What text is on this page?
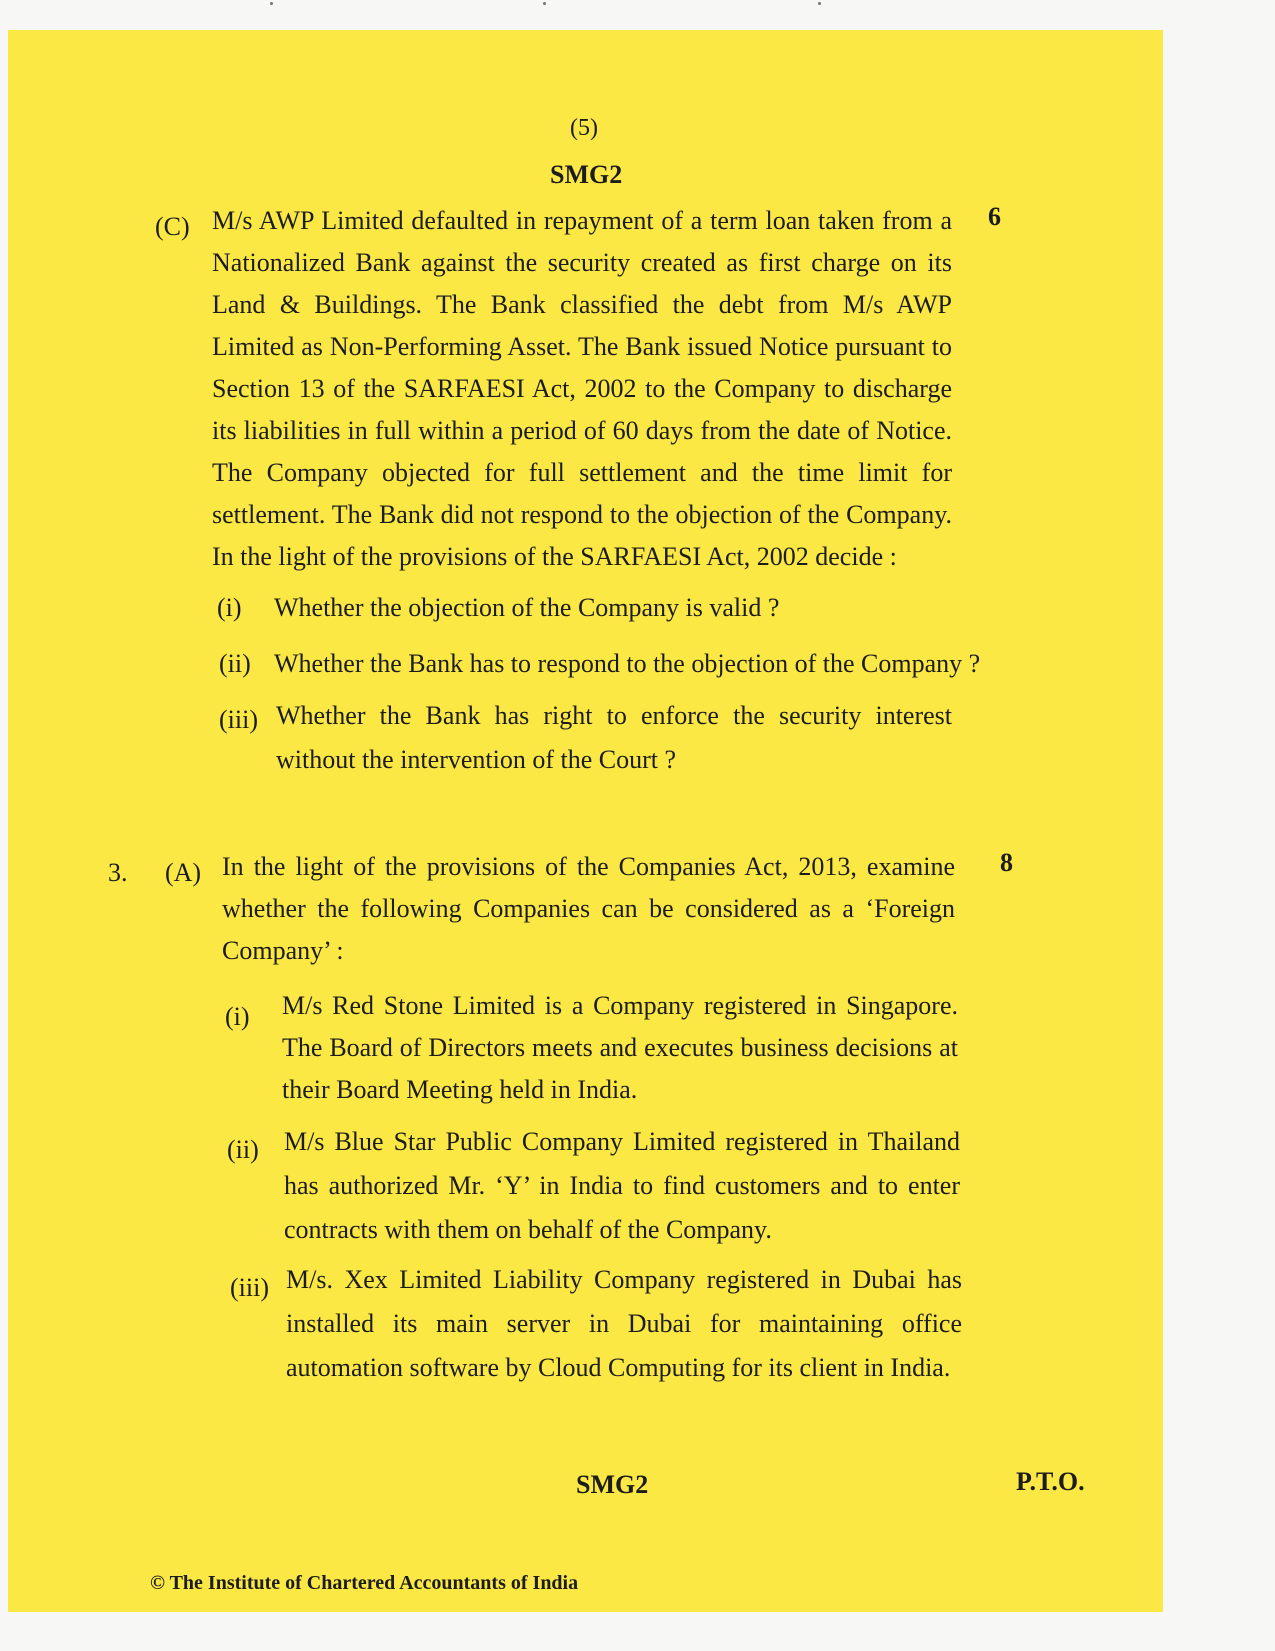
(5)
SMG2
(C)	6
M/s AWP Limited defaulted in repayment of a term loan taken from a Nationalized Bank against the security created as first charge on its Land & Buildings. The Bank classified the debt from M/s AWP Limited as Non-Performing Asset. The Bank issued Notice pursuant to Section 13 of the SARFAESI Act, 2002 to the Company to discharge its liabilities in full within a period of 60 days from the date of Notice. The Company objected for full settlement and the time limit for settlement. The Bank did not respond to the objection of the Company. In the light of the provisions of the SARFAESI Act, 2002 decide :
(i) Whether the objection of the Company is valid ?
(ii) Whether the Bank has to respond to the objection of the Company ?
(iii) Whether the Bank has right to enforce the security interest without the intervention of the Court ?
3. (A)	8
In the light of the provisions of the Companies Act, 2013, examine whether the following Companies can be considered as a ‘Foreign Company’ :
(i) M/s Red Stone Limited is a Company registered in Singapore. The Board of Directors meets and executes business decisions at their Board Meeting held in India.
(ii) M/s Blue Star Public Company Limited registered in Thailand has authorized Mr. ‘Y’ in India to find customers and to enter contracts with them on behalf of the Company.
(iii) M/s. Xex Limited Liability Company registered in Dubai has installed its main server in Dubai for maintaining office automation software by Cloud Computing for its client in India.
SMG2	P.T.O.
© The Institute of Chartered Accountants of India
